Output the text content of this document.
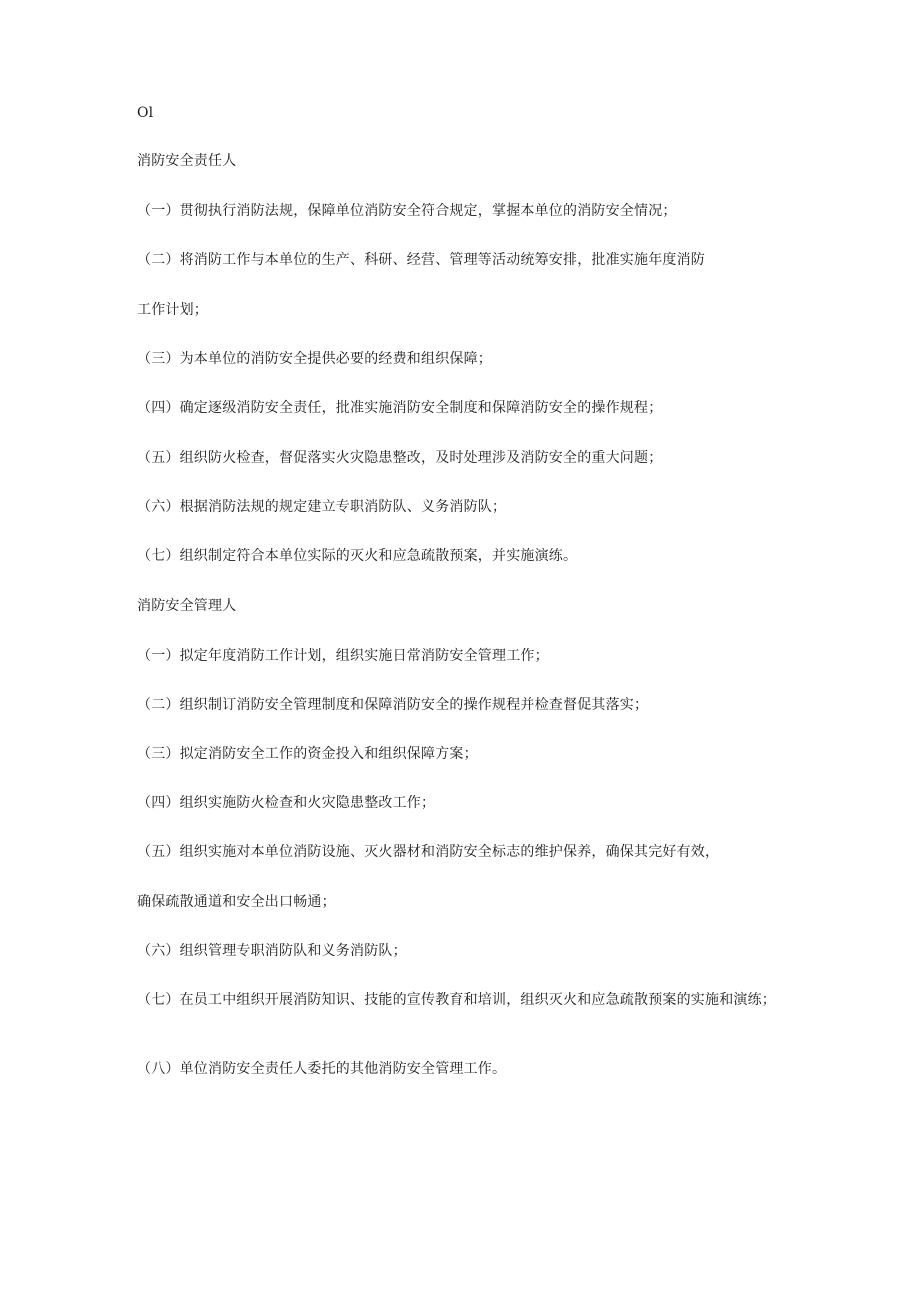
Ol
消防安全责任人
（一）贯彻执行消防法规，保障单位消防安全符合规定，掌握本单位的消防安全情况；
（二）将消防工作与本单位的生产、科研、经营、管理等活动统筹安排，批准实施年度消防
工作计划；
（三）为本单位的消防安全提供必要的经费和组织保障；
（四）确定逐级消防安全责任，批准实施消防安全制度和保障消防安全的操作规程；
（五）组织防火检查，督促落实火灾隐患整改，及时处理涉及消防安全的重大问题；
（六）根据消防法规的规定建立专职消防队、义务消防队；
（七）组织制定符合本单位实际的灭火和应急疏散预案，并实施演练。
消防安全管理人
（一）拟定年度消防工作计划，组织实施日常消防安全管理工作；
（二）组织制订消防安全管理制度和保障消防安全的操作规程并检查督促其落实；
（三）拟定消防安全工作的资金投入和组织保障方案；
（四）组织实施防火检查和火灾隐患整改工作；
（五）组织实施对本单位消防设施、灭火器材和消防安全标志的维护保养，确保其完好有效，
确保疏散通道和安全出口畅通；
（六）组织管理专职消防队和义务消防队；
（七）在员工中组织开展消防知识、技能的宣传教育和培训，组织灭火和应急疏散预案的实施和演练；
（八）单位消防安全责任人委托的其他消防安全管理工作。
